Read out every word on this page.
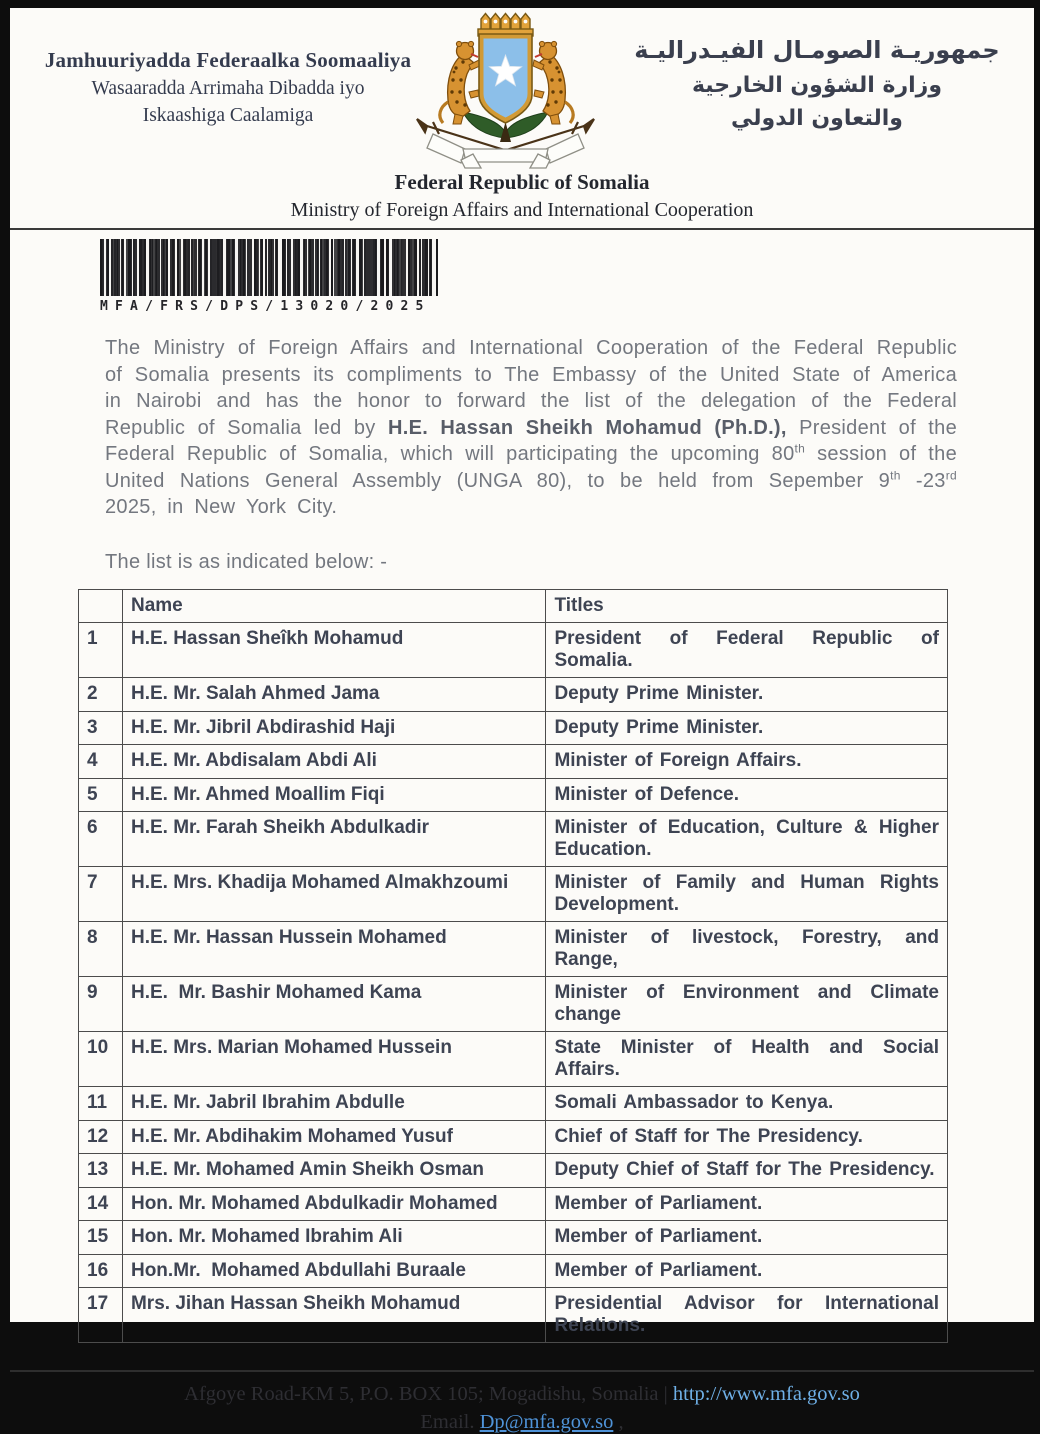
Jamhuuriyadda Federaalka Soomaaliya
Wasaaradda Arrimaha Dibadda iyo
Iskaashiga Caalamiga
جمهوريـة الصومـال الفيـدراليـة
وزارة الشؤون الخارجية
والتعاون الدولي
Federal Republic of Somalia
Ministry of Foreign Affairs and International Cooperation
MFA/FRS/DPS/13020/2025
The Ministry of Foreign Affairs and International Cooperation of the Federal Republic of Somalia presents its compliments to The Embassy of the United State of America in Nairobi and has the honor to forward the list of the delegation of the Federal Republic of Somalia led by H.E. Hassan Sheikh Mohamud (Ph.D.), President of the Federal Republic of Somalia, which will participating the upcoming 80th session of the United Nations General Assembly (UNGA 80), to be held from Sepember 9th -23rd 2025, in New York City.
The list is as indicated below: -
	Name	Titles
1	H.E. Hassan Sheîkh Mohamud	President of Federal Republic of Somalia.
2	H.E. Mr. Salah Ahmed Jama	Deputy Prime Minister.
3	H.E. Mr. Jibril Abdirashid Haji	Deputy Prime Minister.
4	H.E. Mr. Abdisalam Abdi Ali	Minister of Foreign Affairs.
5	H.E. Mr. Ahmed Moallim Fiqi	Minister of Defence.
6	H.E. Mr. Farah Sheikh Abdulkadir	Minister of Education, Culture & Higher Education.
7	H.E. Mrs. Khadija Mohamed Almakhzoumi	Minister of Family and Human Rights Development.
8	H.E. Mr. Hassan Hussein Mohamed	Minister of livestock, Forestry, and Range,
9	H.E.  Mr. Bashir Mohamed Kama	Minister of Environment and Climate change
10	H.E. Mrs. Marian Mohamed Hussein	State Minister of Health and Social Affairs.
11	H.E. Mr. Jabril Ibrahim Abdulle	Somali Ambassador to Kenya.
12	H.E. Mr. Abdihakim Mohamed Yusuf	Chief of Staff for The Presidency.
13	H.E. Mr. Mohamed Amin Sheikh Osman	Deputy Chief of Staff for The Presidency.
14	Hon. Mr. Mohamed Abdulkadir Mohamed	Member of Parliament.
15	Hon. Mr. Mohamed Ibrahim Ali	Member of Parliament.
16	Hon.Mr.  Mohamed Abdullahi Buraale	Member of Parliament.
17	Mrs. Jihan Hassan Sheikh Mohamud	Presidential Advisor for International Relations.
Afgoye Road-KM 5, P.O. BOX 105; Mogadishu, Somalia | http://www.mfa.gov.so
Email. Dp@mfa.gov.so ,
